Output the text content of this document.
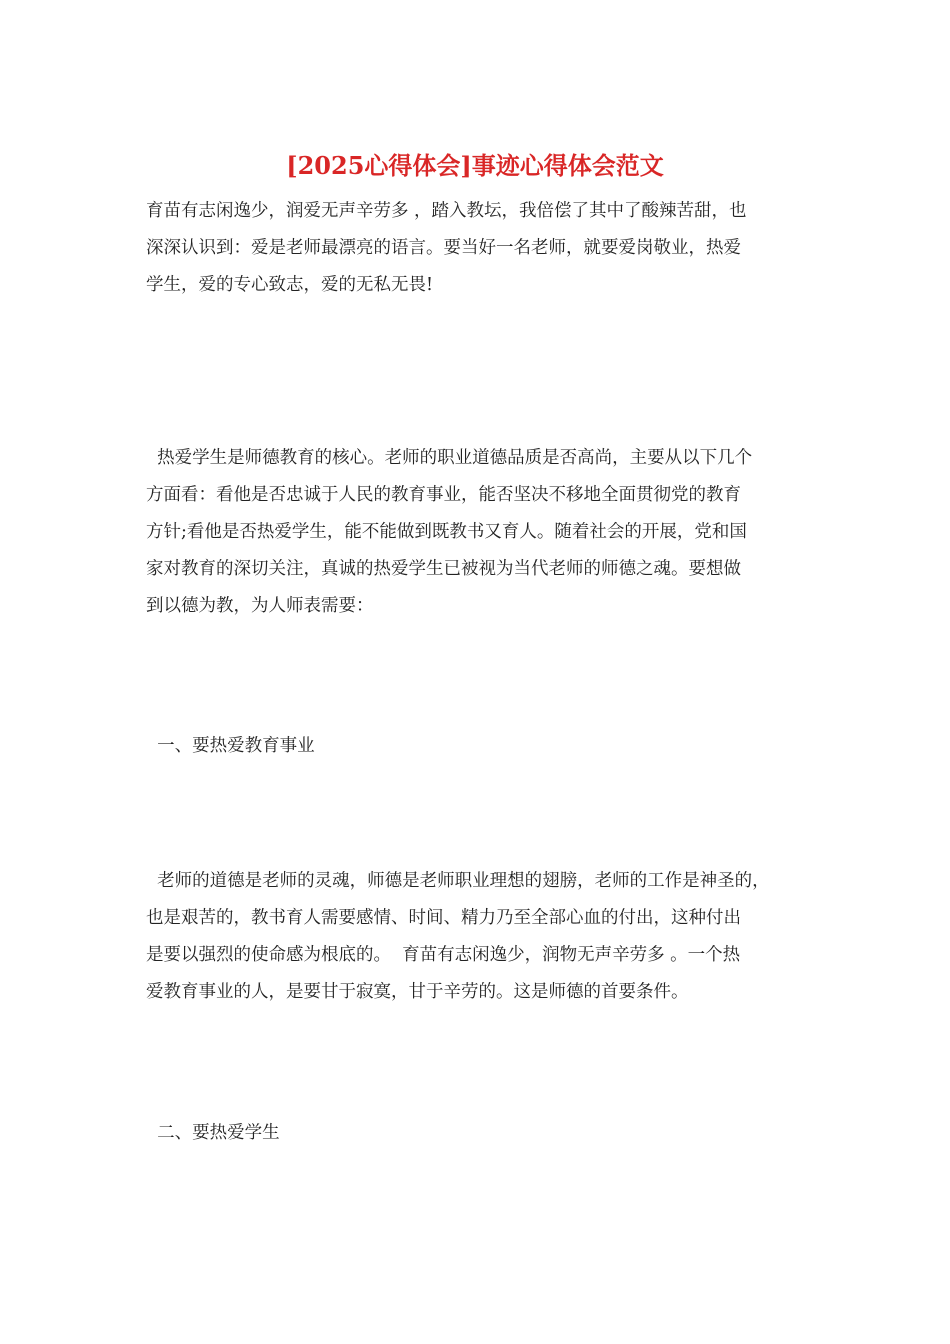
[2025心得体会]事迹心得体会范文

育苗有志闲逸少，润爱无声辛劳多 ，踏入教坛，我倍偿了其中了酸辣苦甜，也

深深认识到：爱是老师最漂亮的语言。要当好一名老师，就要爱岗敬业，热爱

学生，爱的专心致志，爱的无私无畏!

热爱学生是师德教育的核心。老师的职业道德品质是否高尚，主要从以下几个

方面看：看他是否忠诚于人民的教育事业，能否坚决不移地全面贯彻党的教育

方针;看他是否热爱学生，能不能做到既教书又育人。随着社会的开展，党和国

家对教育的深切关注，真诚的热爱学生已被视为当代老师的师德之魂。要想做

到以德为教，为人师表需要：

一、要热爱教育事业

老师的道德是老师的灵魂，师德是老师职业理想的翅膀，老师的工作是神圣的，

也是艰苦的，教书育人需要感情、时间、精力乃至全部心血的付出，这种付出

是要以强烈的使命感为根底的。  育苗有志闲逸少，润物无声辛劳多 。一个热

爱教育事业的人，是要甘于寂寞，甘于辛劳的。这是师德的首要条件。

二、要热爱学生
